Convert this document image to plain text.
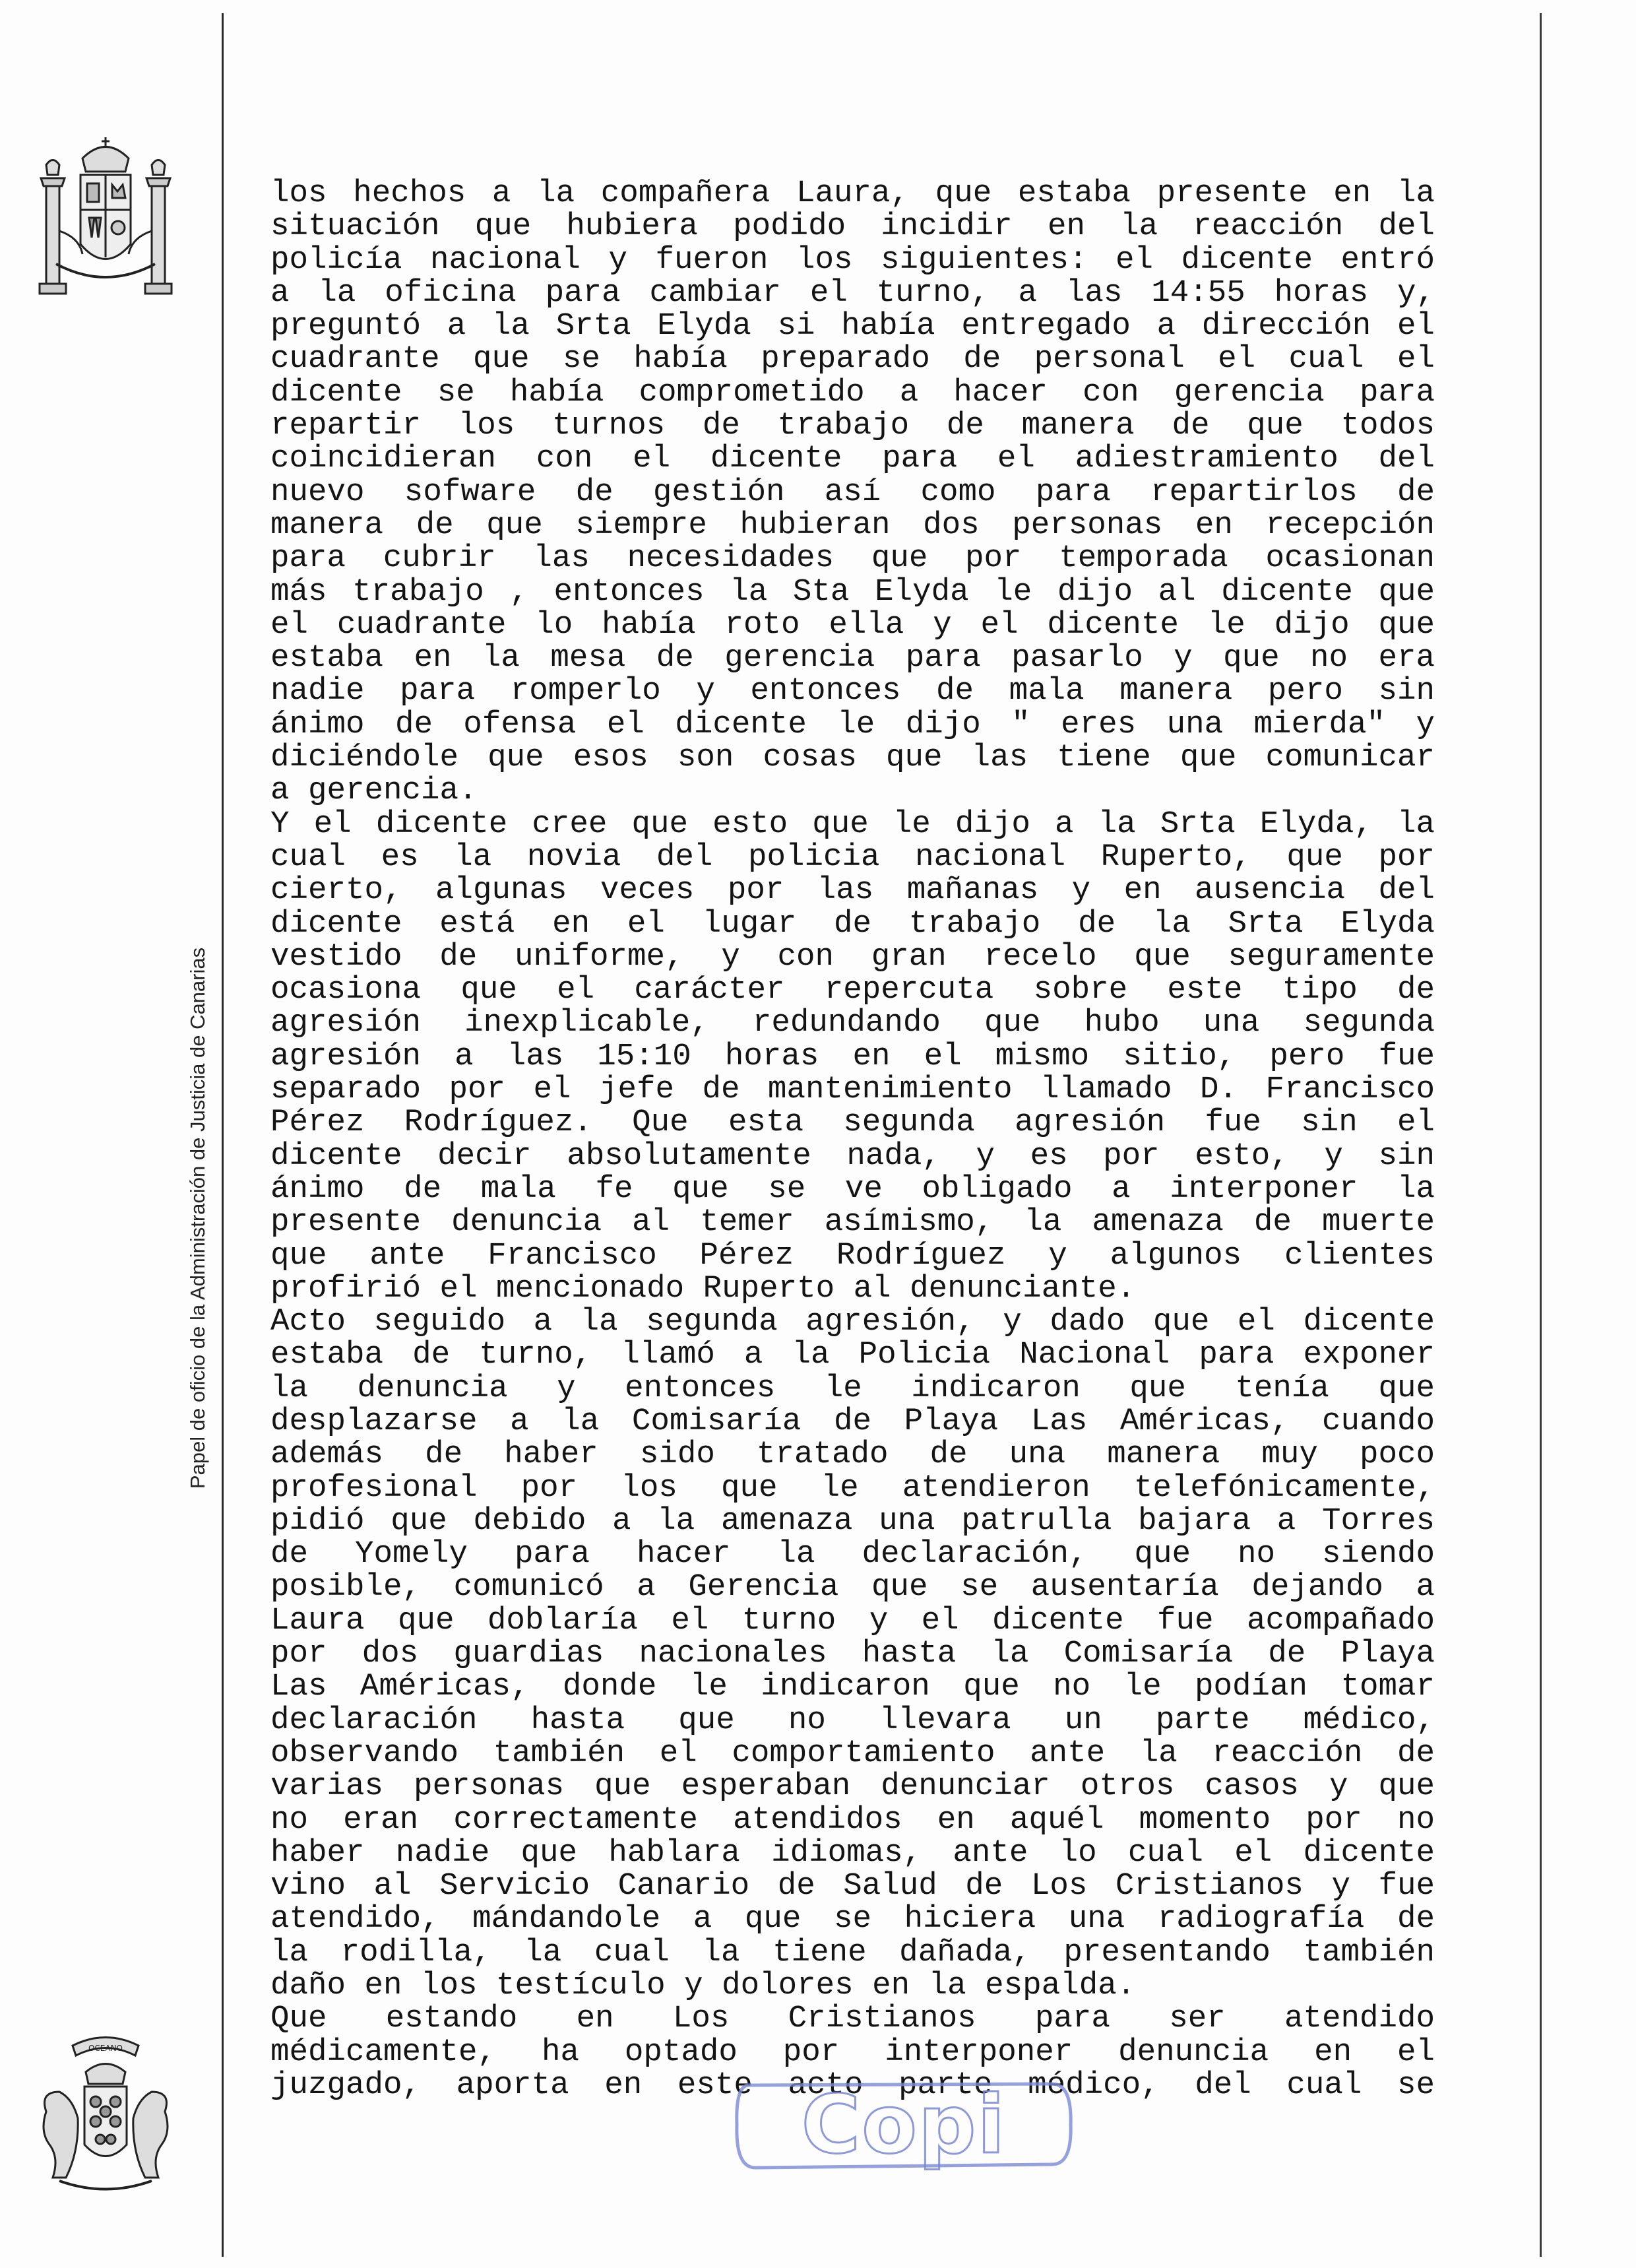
Papel de oficio de la Administración de Justicia de Canarias
OCEANO
los hechos a la compañera Laura, que estaba presente en la
situación que hubiera podido incidir en la reacción del
policía nacional y fueron los siguientes: el dicente entró
a la oficina para cambiar el turno, a las 14:55 horas y,
preguntó a la Srta Elyda si había entregado a dirección el
cuadrante que se había preparado de personal el cual el
dicente se había comprometido a hacer con gerencia para
repartir los turnos de trabajo de manera de que todos
coincidieran con el dicente para el adiestramiento del
nuevo sofware de gestión así como para repartirlos de
manera de que siempre hubieran dos personas en recepción
para cubrir las necesidades que por temporada ocasionan
más trabajo , entonces la Sta Elyda le dijo al dicente que
el cuadrante lo había roto ella y el dicente le dijo que
estaba en la mesa de gerencia para pasarlo y que no era
nadie para romperlo y entonces de mala manera pero sin
ánimo de ofensa el dicente le dijo " eres una mierda" y
diciéndole que esos son cosas que las tiene que comunicar
a gerencia.
Y el dicente cree que esto que le dijo a la Srta Elyda, la
cual es la novia del policia nacional Ruperto, que por
cierto, algunas veces por las mañanas y en ausencia del
dicente está en el lugar de trabajo de la Srta Elyda
vestido de uniforme, y con gran recelo que seguramente
ocasiona que el carácter repercuta sobre este tipo de
agresión inexplicable, redundando que hubo una segunda
agresión a las 15:10 horas en el mismo sitio, pero fue
separado por el jefe de mantenimiento llamado D. Francisco
Pérez Rodríguez. Que esta segunda agresión fue sin el
dicente decir absolutamente nada, y es por esto, y sin
ánimo de mala fe que se ve obligado a interponer la
presente denuncia al temer asímismo, la amenaza de muerte
que ante Francisco Pérez Rodríguez y algunos clientes
profirió el mencionado Ruperto al denunciante.
Acto seguido a la segunda agresión, y dado que el dicente
estaba de turno, llamó a la Policia Nacional para exponer
la denuncia y entonces le indicaron que tenía que
desplazarse a la Comisaría de Playa Las Américas, cuando
además de haber sido tratado de una manera muy poco
profesional por los que le atendieron telefónicamente,
pidió que debido a la amenaza una patrulla bajara a Torres
de Yomely para hacer la declaración, que no siendo
posible, comunicó a Gerencia que se ausentaría dejando a
Laura que doblaría el turno y el dicente fue acompañado
por dos guardias nacionales hasta la Comisaría de Playa
Las Américas, donde le indicaron que no le podían tomar
declaración hasta que no llevara un parte médico,
observando también el comportamiento ante la reacción de
varias personas que esperaban denunciar otros casos y que
no eran correctamente atendidos en aquél momento por no
haber nadie que hablara idiomas, ante lo cual el dicente
vino al Servicio Canario de Salud de Los Cristianos y fue
atendido, mándandole a que se hiciera una radiografía de
la rodilla, la cual la tiene dañada, presentando también
daño en los testículo y dolores en la espalda.
Que estando en Los Cristianos para ser atendido
médicamente, ha optado por interponer denuncia en el
juzgado, aporta en este acto parte médico, del cual se
Copi
